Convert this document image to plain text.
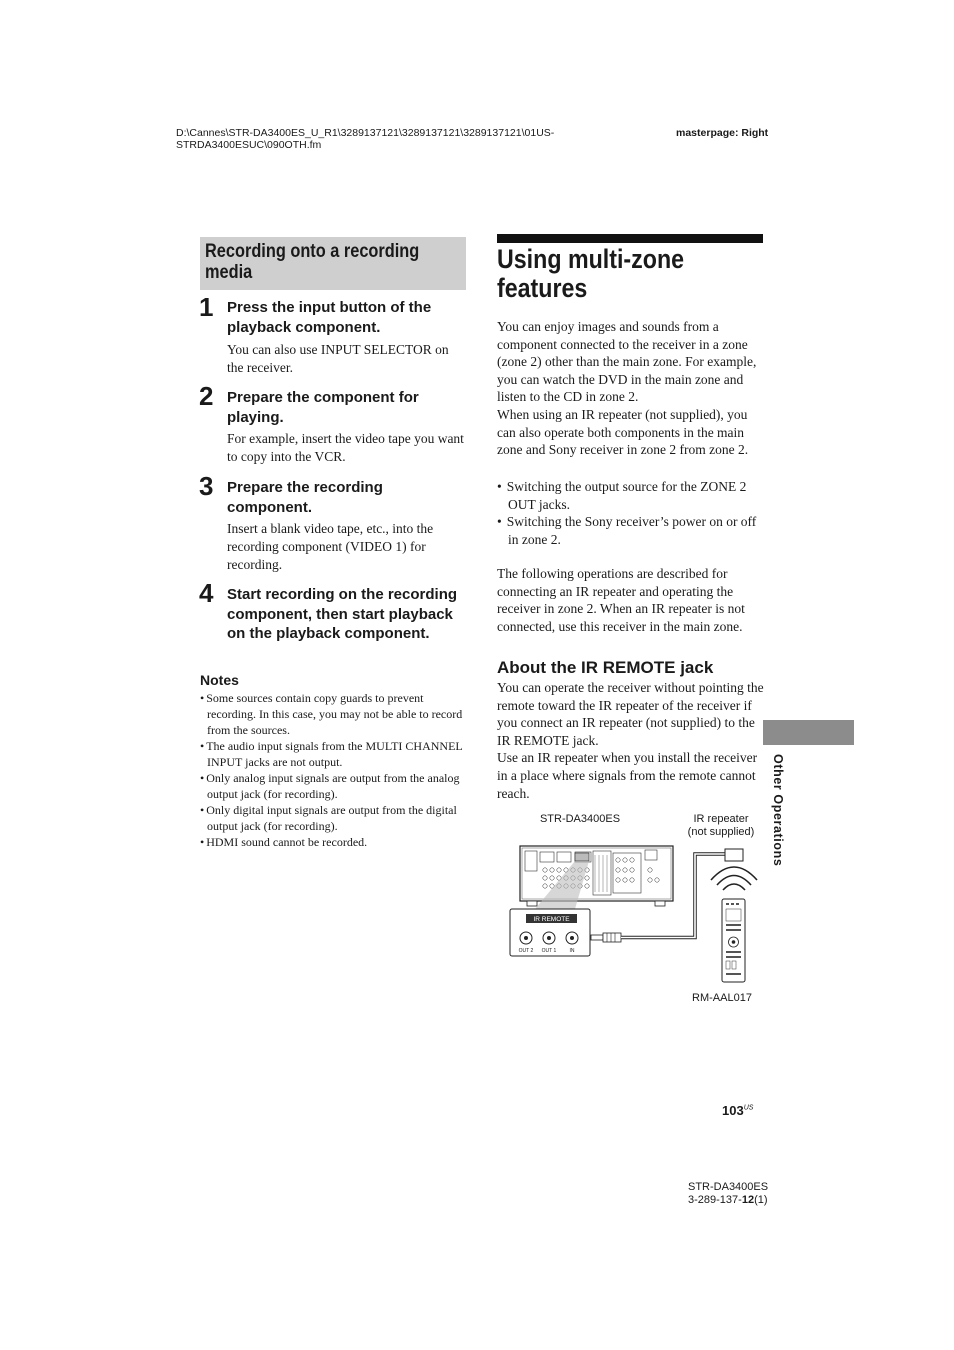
D:\Cannes\STR-DA3400ES_U_R1\3289137121\3289137121\3289137121\01US-
STRDA3400ESUC\090OTH.fm
masterpage: Right
Recording onto a recording media
1 Press the input button of the playback component.
You can also use INPUT SELECTOR on the receiver.
2 Prepare the component for playing.
For example, insert the video tape you want to copy into the VCR.
3 Prepare the recording component.
Insert a blank video tape, etc., into the recording component (VIDEO 1) for recording.
4 Start recording on the recording component, then start playback on the playback component.
Notes
• Some sources contain copy guards to prevent recording. In this case, you may not be able to record from the sources.
• The audio input signals from the MULTI CHANNEL INPUT jacks are not output.
• Only analog input signals are output from the analog output jack (for recording).
• Only digital input signals are output from the digital output jack (for recording).
• HDMI sound cannot be recorded.
Using multi-zone features
You can enjoy images and sounds from a component connected to the receiver in a zone (zone 2) other than the main zone. For example, you can watch the DVD in the main zone and listen to the CD in zone 2.
When using an IR repeater (not supplied), you can also operate both components in the main zone and Sony receiver in zone 2 from zone 2.
• Switching the output source for the ZONE 2 OUT jacks.
• Switching the Sony receiver’s power on or off in zone 2.
The following operations are described for connecting an IR repeater and operating the receiver in zone 2. When an IR repeater is not connected, use this receiver in the main zone.
About the IR REMOTE jack
You can operate the receiver without pointing the remote toward the IR repeater of the receiver if you connect an IR repeater (not supplied) to the IR REMOTE jack.
Use an IR repeater when you install the receiver in a place where signals from the remote cannot reach.
STR-DA3400ES	IR repeater
(not supplied)
RM-AAL017
IR REMOTE
OUT 2 OUT 1	IN
Other Operations
$103^{US}$
STR-DA3400ES
3-289-137-12(1)
